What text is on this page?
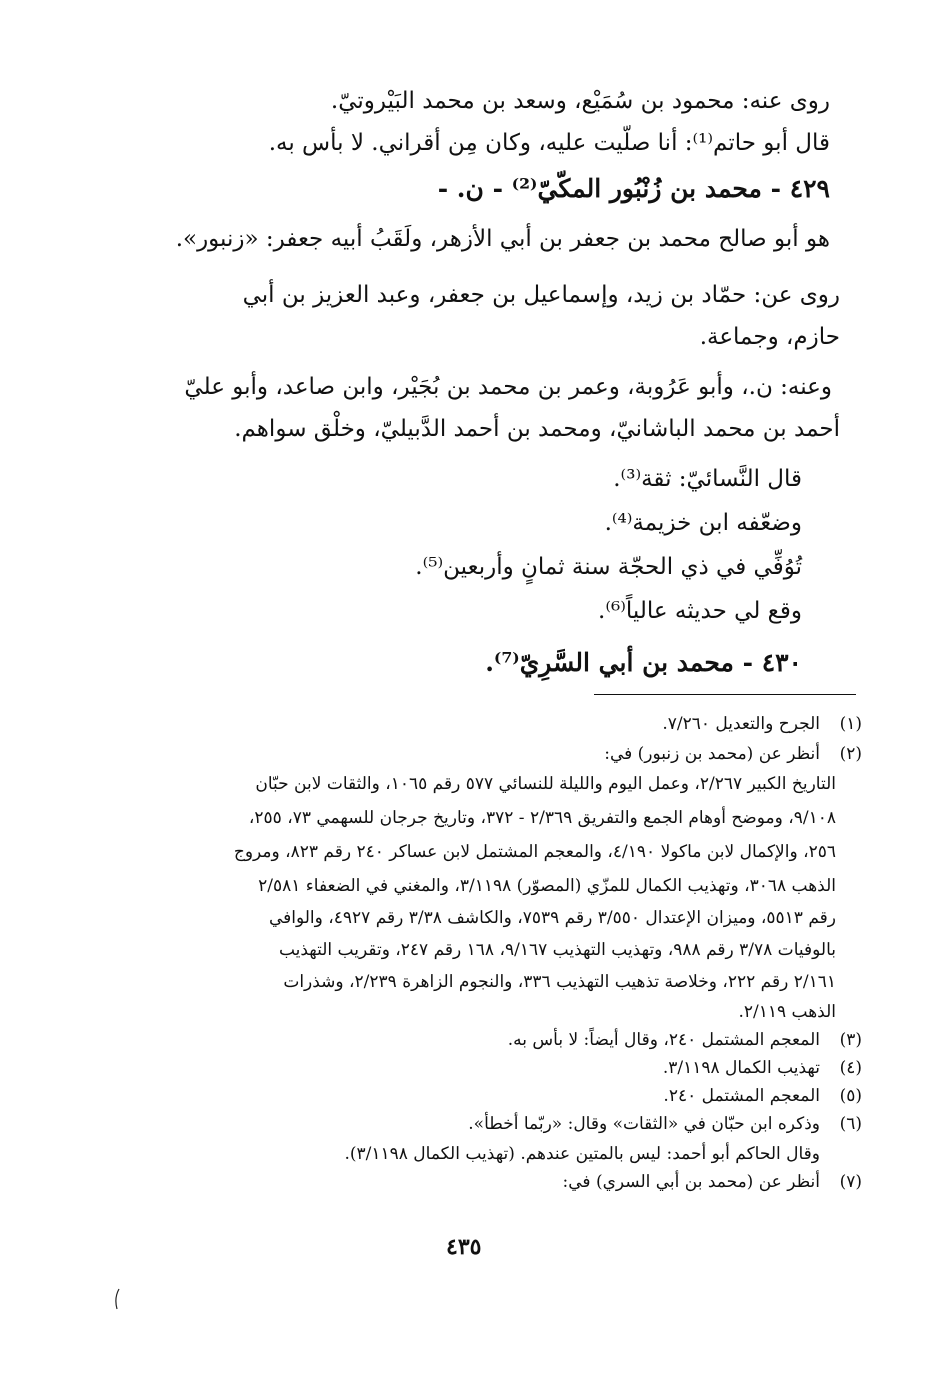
روى عنه: محمود بن سُمَيْع، وسعد بن محمد البَيْروتيّ.
قال أبو حاتم⁽¹⁾: أنا صلّيت عليه، وكان مِن أقراني. لا بأس به.
٤٢٩ - محمد بن زُنْبُور المكّيّ⁽²⁾ - ن. -
هو أبو صالح محمد بن جعفر بن أبي الأزهر، ولَقَبُ أبيه جعفر: «زنبور».
روى عن: حمّاد بن زيد، وإسماعيل بن جعفر، وعبد العزيز بن أبي
حازم، وجماعة.
وعنه: ن.، وأبو عَرُوبة، وعمر بن محمد بن بُجَيْر، وابن صاعد، وأبو عليّ
أحمد بن محمد الباشانيّ، ومحمد بن أحمد الدَّبيليّ، وخلْق سواهم.
قال النَّسائيّ: ثقة⁽³⁾.
وضعّفه ابن خزيمة⁽⁴⁾.
تُوُفِّي في ذي الحجّة سنة ثمانٍ وأربعين⁽⁵⁾.
وقع لي حديثه عالياً⁽⁶⁾.
٤٣٠ - محمد بن أبي السَّرِيّ⁽⁷⁾.
(١)
الجرح والتعديل ٧/٢٦٠.
(٢)
أنظر عن (محمد بن زنبور) في:
التاريخ الكبير ٢/٢٦٧، وعمل اليوم والليلة للنسائي ٥٧٧ رقم ١٠٦٥، والثقات لابن حبّان
٩/١٠٨، وموضح أوهام الجمع والتفريق ٢/٣٦٩ - ٣٧٢، وتاريخ جرجان للسهمي ٧٣، ٢٥٥،
٢٥٦، والإكمال لابن ماكولا ٤/١٩٠، والمعجم المشتمل لابن عساكر ٢٤٠ رقم ٨٢٣، ومروج
الذهب ٣٠٦٨، وتهذيب الكمال للمزّي (المصوّر) ٣/١١٩٨، والمغني في الضعفاء ٢/٥٨١
رقم ٥٥١٣، وميزان الإعتدال ٣/٥٥٠ رقم ٧٥٣٩، والكاشف ٣/٣٨ رقم ٤٩٢٧، والوافي
بالوفيات ٣/٧٨ رقم ٩٨٨، وتهذيب التهذيب ٩/١٦٧، ١٦٨ رقم ٢٤٧، وتقريب التهذيب
٢/١٦١ رقم ٢٢٢، وخلاصة تذهيب التهذيب ٣٣٦، والنجوم الزاهرة ٢/٢٣٩، وشذرات
الذهب ٢/١١٩.
(٣)
المعجم المشتمل ٢٤٠، وقال أيضاً: لا بأس به.
(٤)
تهذيب الكمال ٣/١١٩٨.
(٥)
المعجم المشتمل ٢٤٠.
(٦)
وذكره ابن حبّان في «الثقات» وقال: «ربّما أخطأ».
وقال الحاكم أبو أحمد: ليس بالمتين عندهم. (تهذيب الكمال ٣/١١٩٨).
(٧)
أنظر عن (محمد بن أبي السري) في:
٤٣٥
